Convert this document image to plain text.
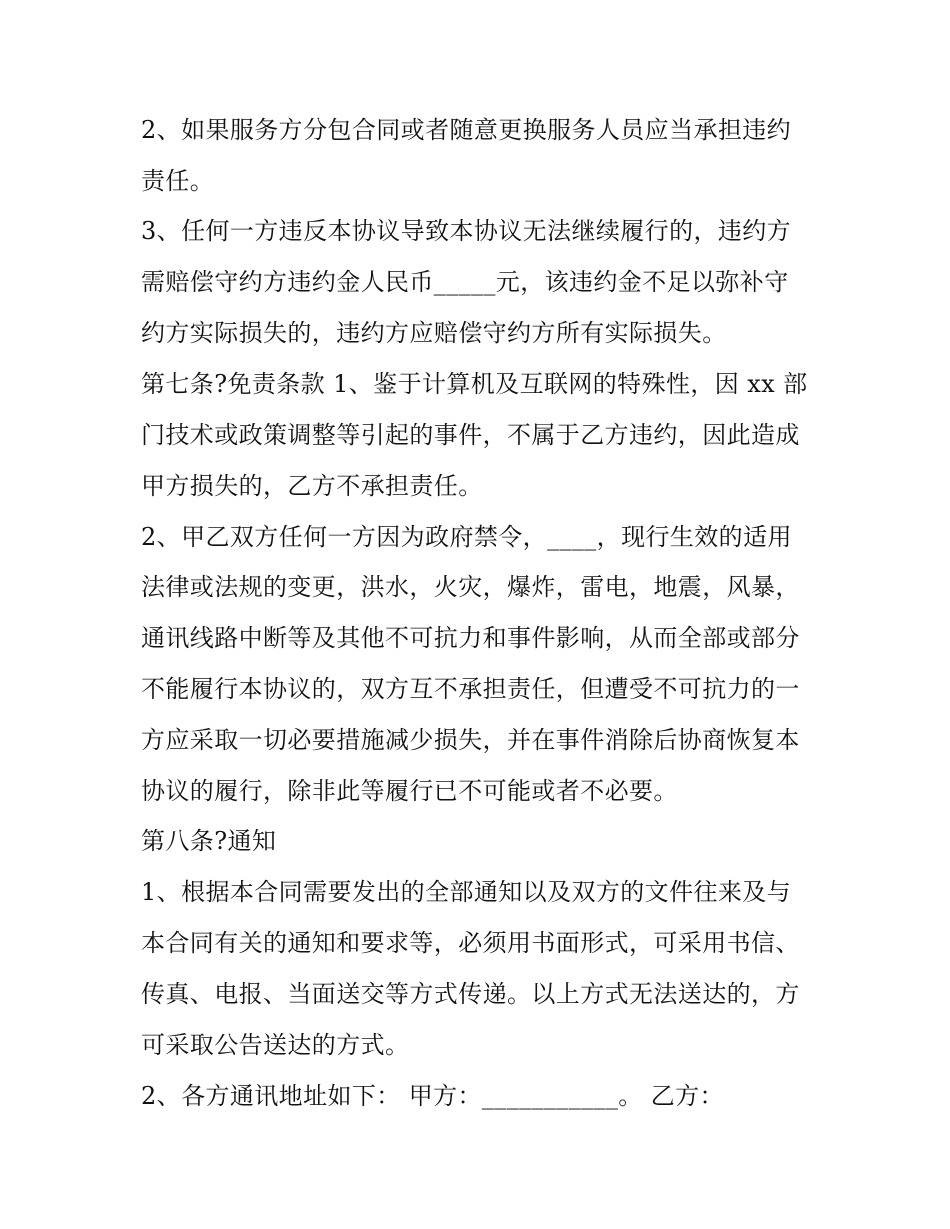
2、如果服务方分包合同或者随意更换服务人员应当承担违约
责任。
3、任何一方违反本协议导致本协议无法继续履行的，违约方
需赔偿守约方违约金人民币_____元，该违约金不足以弥补守
约方实际损失的，违约方应赔偿守约方所有实际损失。
第七条?免责条款 1、鉴于计算机及互联网的特殊性，因 xx 部
门技术或政策调整等引起的事件，不属于乙方违约，因此造成
甲方损失的，乙方不承担责任。
2、甲乙双方任何一方因为政府禁令，____，现行生效的适用
法律或法规的变更，洪水，火灾，爆炸，雷电，地震，风暴，
通讯线路中断等及其他不可抗力和事件影响，从而全部或部分
不能履行本协议的，双方互不承担责任，但遭受不可抗力的一
方应采取一切必要措施减少损失，并在事件消除后协商恢复本
协议的履行，除非此等履行已不可能或者不必要。
第八条?通知
1、根据本合同需要发出的全部通知以及双方的文件往来及与
本合同有关的通知和要求等，必须用书面形式，可采用书信、
传真、电报、当面送交等方式传递。以上方式无法送达的，方
可采取公告送达的方式。
2、各方通讯地址如下： 甲方：___________。 乙方：
